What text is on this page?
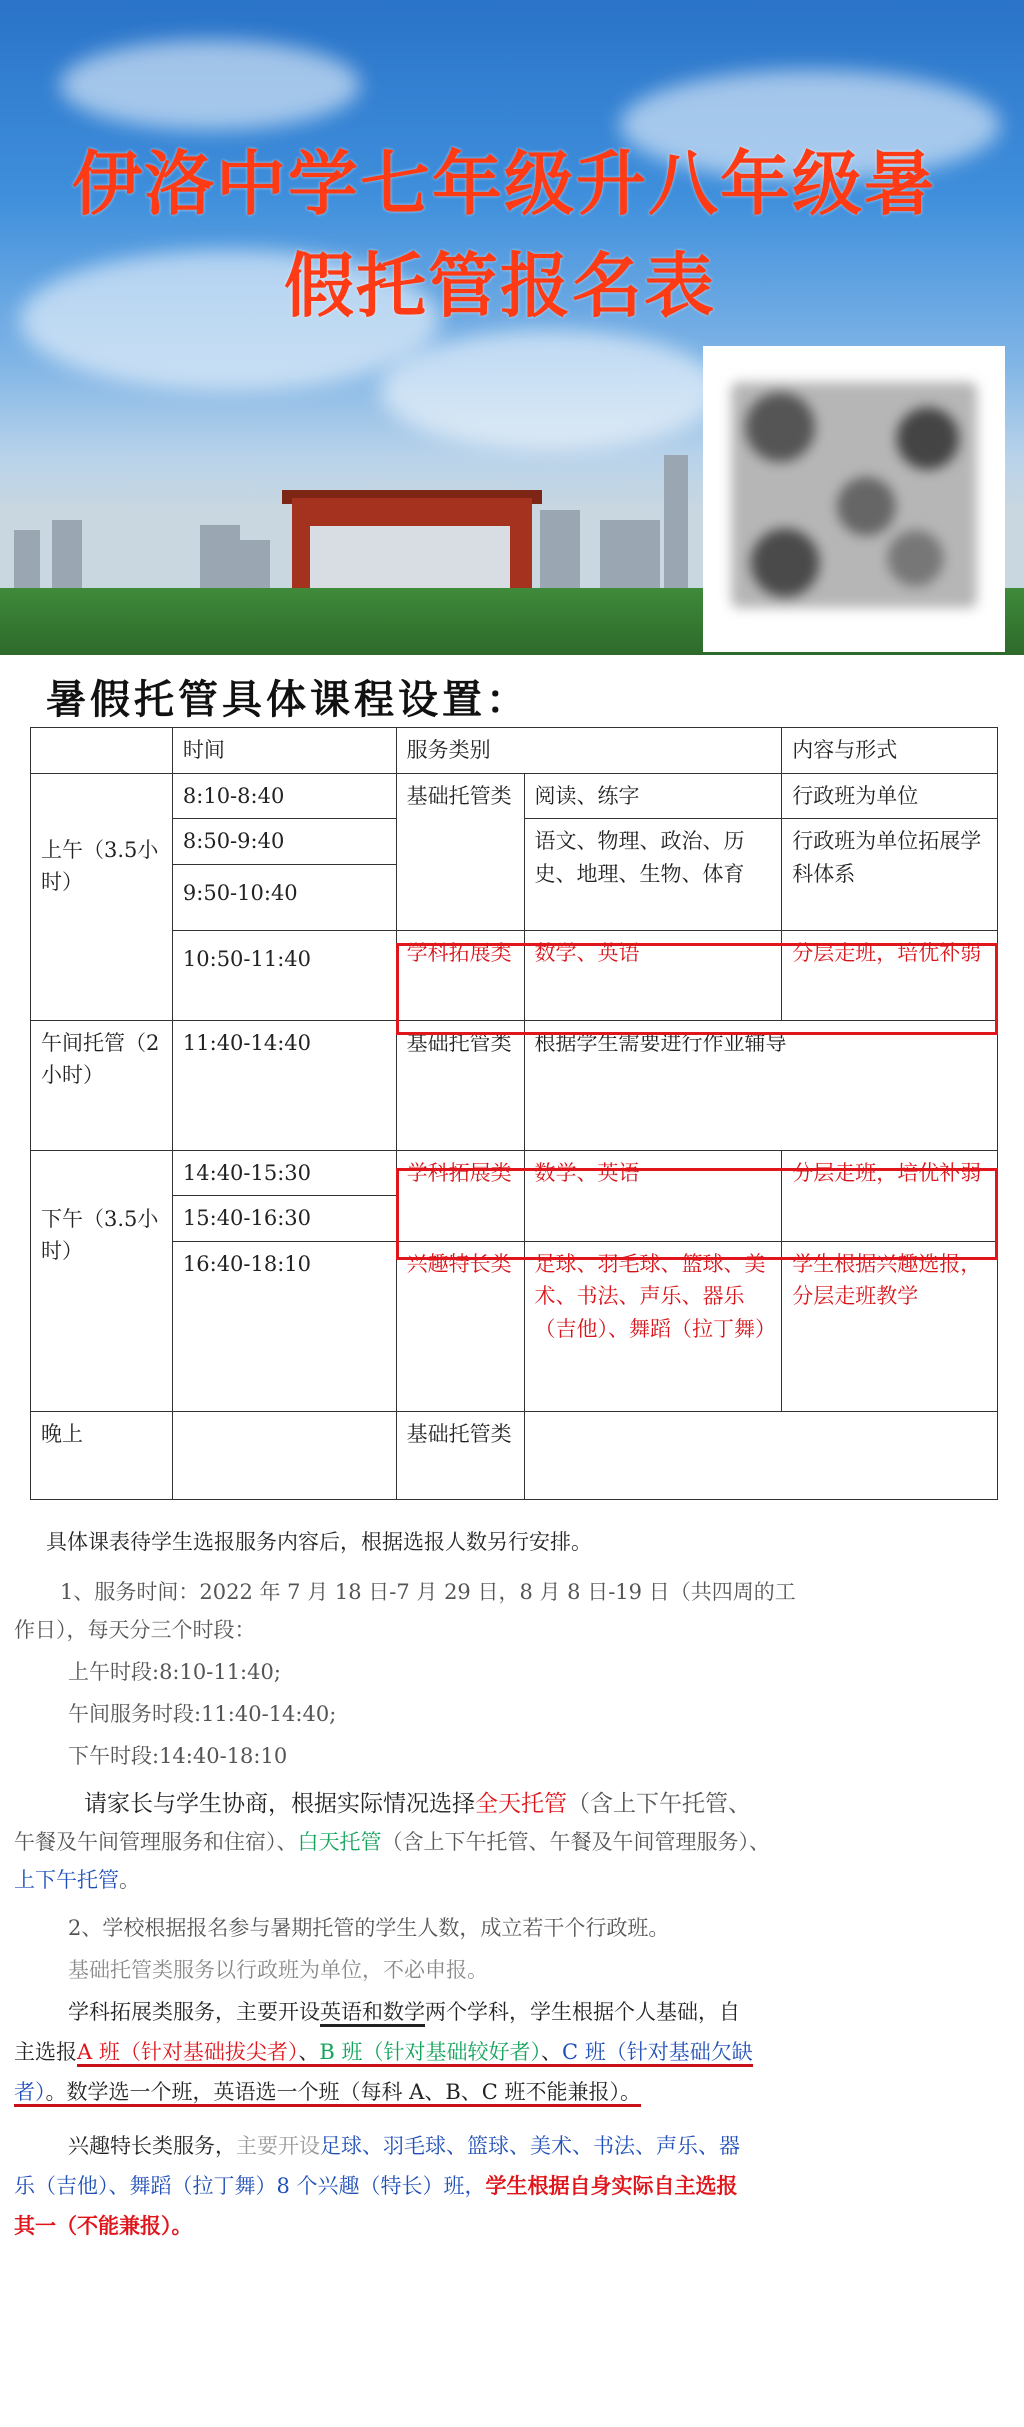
伊洛中学七年级升八年级暑
假托管报名表
暑假托管具体课程设置：
	时间	服务类别		内容与形式
上午（3.5小时）	8:10-8:40	基础托管类	阅读、练字	行政班为单位
	8:50-9:40		语文、物理、政治、历史、地理、生物、体育	行政班为单位拓展学科体系
	9:50-10:40			
	10:50-11:40	学科拓展类	数学、英语	分层走班，培优补弱
午间托管（2小时）	11:40-14:40	基础托管类	根据学生需要进行作业辅导	
下午（3.5小时）	14:40-15:30	学科拓展类	数学、英语	分层走班，培优补弱
	15:40-16:30			
	16:40-18:10	兴趣特长类	足球、羽毛球、篮球、美术、书法、声乐、器乐（吉他）、舞蹈（拉丁舞）	学生根据兴趣选报，分层走班教学
晚上		基础托管类		
具体课表待学生选报服务内容后，根据选报人数另行安排。
1、服务时间：2022 年 7 月 18 日-7 月 29 日，8 月 8 日-19 日（共四周的工
作日），每天分三个时段：
上午时段:8:10-11:40;
午间服务时段:11:40-14:40;
下午时段:14:40-18:10
请家长与学生协商，根据实际情况选择全天托管（含上下午托管、
午餐及午间管理服务和住宿）、白天托管（含上下午托管、午餐及午间管理服务）、
上下午托管。
2、学校根据报名参与暑期托管的学生人数，成立若干个行政班。
基础托管类服务以行政班为单位，不必申报。
学科拓展类服务，主要开设英语和数学两个学科，学生根据个人基础，自
主选报A 班（针对基础拔尖者）、B 班（针对基础较好者）、C 班（针对基础欠缺
者）。数学选一个班，英语选一个班（每科 A、B、C 班不能兼报）。
兴趣特长类服务，主要开设足球、羽毛球、篮球、美术、书法、声乐、器
乐（吉他）、舞蹈（拉丁舞）8 个兴趣（特长）班，学生根据自身实际自主选报
其一（不能兼报）。
